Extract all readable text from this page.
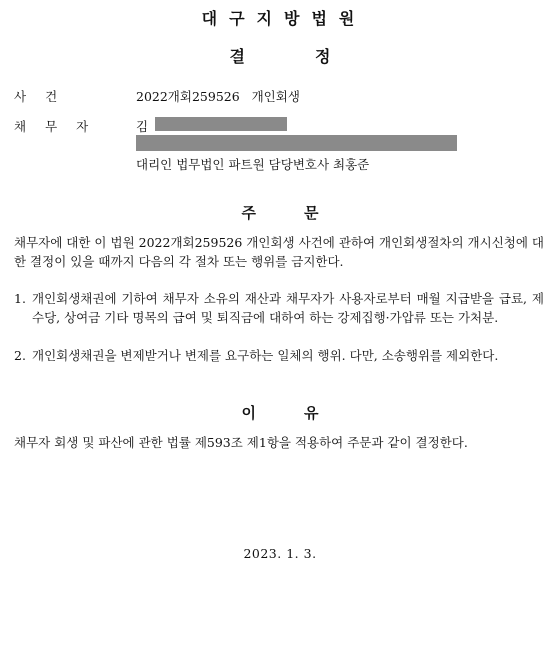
대구지방법원
결정
사건	2022개회259526   개인회생
채무자 김
대리인 법무법인 파트원 담당변호사 최홍준
주문
채무자에 대한 이 법원 2022개회259526 개인회생 사건에 관하여 개인회생절차의 개시신청에 대한 결정이 있을 때까지 다음의 각 절차 또는 행위를 금지한다.
1. 개인회생채권에 기하여 채무자 소유의 재산과 채무자가 사용자로부터 매월 지급받을 급료, 제수당, 상여금 기타 명목의 급여 및 퇴직금에 대하여 하는 강제집행·가압류 또는 가처분.
2. 개인회생채권을 변제받거나 변제를 요구하는 일체의 행위. 다만, 소송행위를 제외한다.
이유
채무자 회생 및 파산에 관한 법률 제593조 제1항을 적용하여 주문과 같이 결정한다.
2023. 1. 3.
